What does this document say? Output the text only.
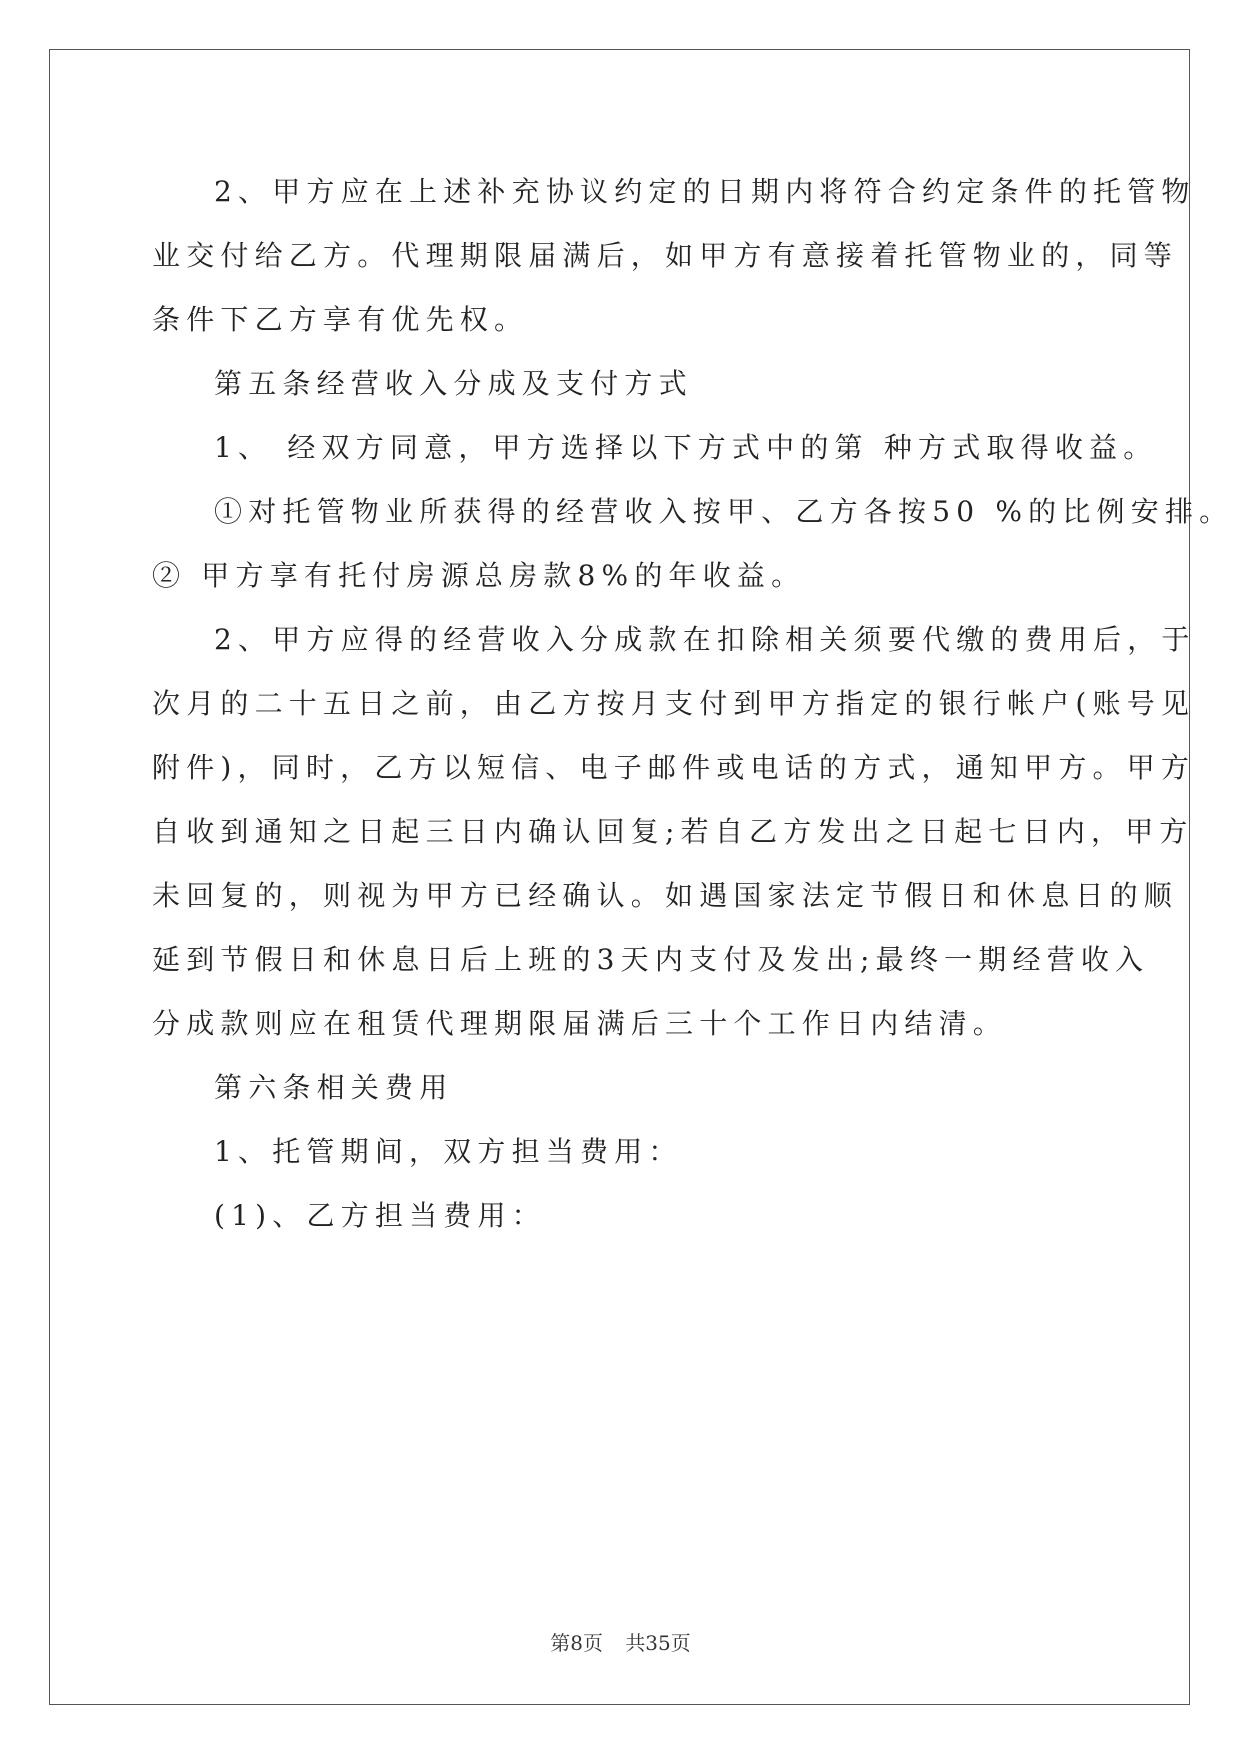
2、甲方应在上述补充协议约定的日期内将符合约定条件的托管物
业交付给乙方。代理期限届满后，如甲方有意接着托管物业的，同等
条件下乙方享有优先权。

第五条经营收入分成及支付方式

1、 经双方同意，甲方选择以下方式中的第 种方式取得收益。

①对托管物业所获得的经营收入按甲、乙方各按50 %的比例安排。

② 甲方享有托付房源总房款8%的年收益。

2、甲方应得的经营收入分成款在扣除相关须要代缴的费用后，于
次月的二十五日之前，由乙方按月支付到甲方指定的银行帐户(账号见
附件)，同时，乙方以短信、电子邮件或电话的方式，通知甲方。甲方
自收到通知之日起三日内确认回复;若自乙方发出之日起七日内，甲方
未回复的，则视为甲方已经确认。如遇国家法定节假日和休息日的顺
延到节假日和休息日后上班的3天内支付及发出;最终一期经营收入
分成款则应在租赁代理期限届满后三十个工作日内结清。

第六条相关费用

1、托管期间，双方担当费用：

(1)、乙方担当费用：

第8页 共35页
